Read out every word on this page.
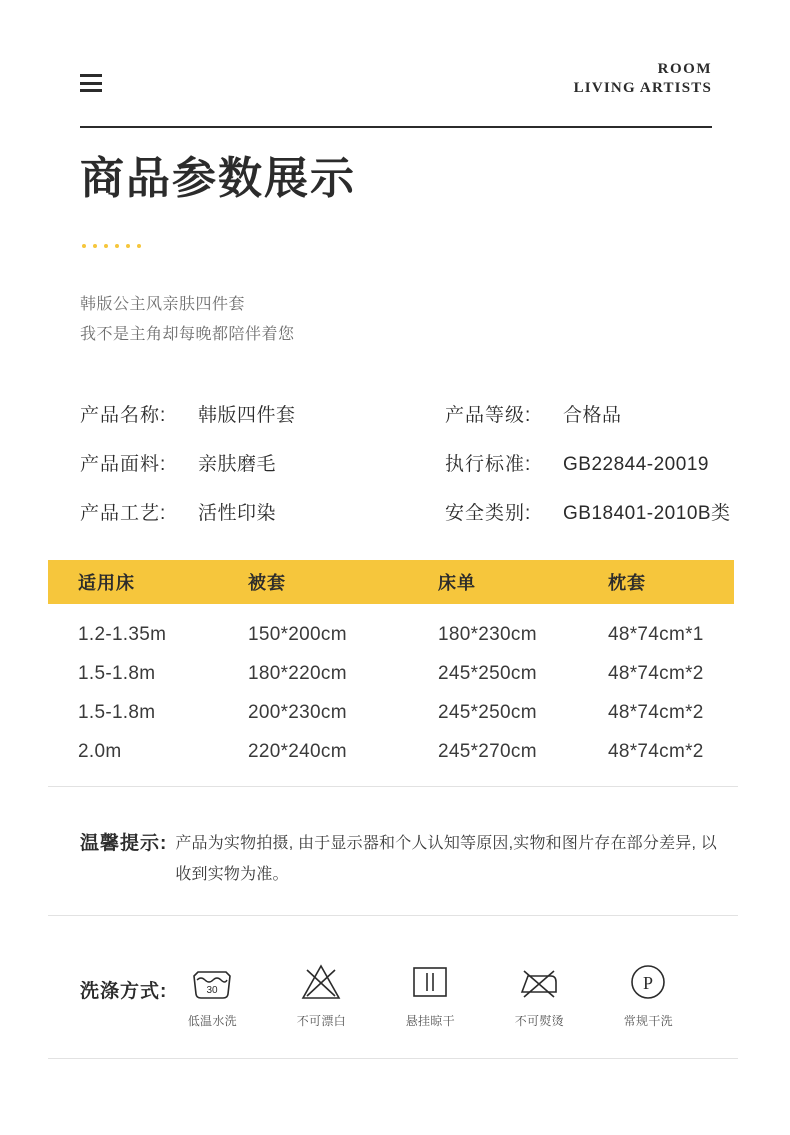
ROOM
LIVING ARTISTS
商品参数展示
韩版公主风亲肤四件套
我不是主角却每晚都陪伴着您
产品名称:	韩版四件套	产品等级:	合格品
产品面料:	亲肤磨毛	执行标准:	GB22844-20019
产品工艺:	活性印染	安全类别:	GB18401-2010B类
适用床	被套	床单	枕套
1.2-1.35m	150*200cm	180*230cm	48*74cm*1
1.5-1.8m	180*220cm	245*250cm	48*74cm*2
1.5-1.8m	200*230cm	245*250cm	48*74cm*2
2.0m	220*240cm	245*270cm	48*74cm*2
温馨提示: 产品为实物拍摄, 由于显示器和个人认知等原因,实物和图片存在部分差异, 以收到实物为准。
洗涤方式:	30
低温水洗	不可漂白	悬挂晾干	不可熨烫
P
常规干洗
